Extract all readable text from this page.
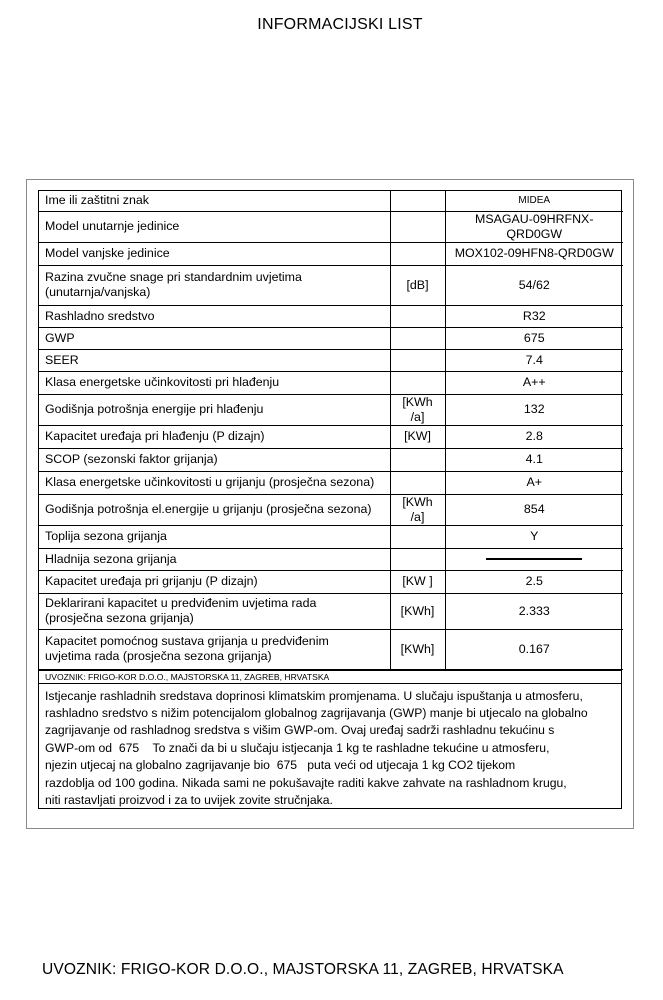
INFORMACIJSKI LIST
Ime ili zaštitni znak		MIDEA
Model unutarnje jedinice		MSAGAU-09HRFNX-QRD0GW
Model vanjske jedinice		MOX102-09HFN8-QRD0GW
Razina zvučne snage pri standardnim uvjetima
(unutarnja/vanjska)	[dB]	54/62
Rashladno sredstvo		R32
GWP		675
SEER		7.4
Klasa energetske učinkovitosti pri hlađenju		A++
Godišnja potrošnja energije pri hlađenju	[KWh /a]	132
Kapacitet uređaja pri hlađenju (P dizajn)	[KW]	2.8
SCOP (sezonski faktor grijanja)		4.1
Klasa energetske učinkovitosti u grijanju (prosječna sezona)		A+
Godišnja potrošnja el.energije u grijanju (prosječna sezona)	[KWh /a]	854
Toplija sezona grijanja		Y
Hladnija sezona grijanja		
Kapacitet uređaja pri grijanju (P dizajn)	[KW ]	2.5
Deklarirani kapacitet u predviđenim uvjetima rada
(prosječna sezona grijanja)	[KWh]	2.333
Kapacitet pomoćnog sustava grijanja u predviđenim
uvjetima rada (prosječna sezona grijanja)	[KWh]	0.167
UVOZNIK: FRIGO-KOR D.O.O., MAJSTORSKA 11, ZAGREB, HRVATSKA
Istjecanje rashladnih sredstava doprinosi klimatskim promjenama. U slučaju ispuštanja u atmosferu,
rashladno sredstvo s nižim potencijalom globalnog zagrijavanja (GWP) manje bi utjecalo na globalno
zagrijavanje od rashladnog sredstva s višim GWP-om. Ovaj uređaj sadrži rashladnu tekućinu s
GWP-om od  675    To znači da bi u slučaju istjecanja 1 kg te rashladne tekućine u atmosferu,
njezin utjecaj na globalno zagrijavanje bio  675   puta veći od utjecaja 1 kg CO2 tijekom
razdoblja od 100 godina. Nikada sami ne pokušavajte raditi kakve zahvate na rashladnom krugu,
niti rastavljati proizvod i za to uvijek zovite stručnjaka.
UVOZNIK: FRIGO-KOR D.O.O., MAJSTORSKA 11, ZAGREB, HRVATSKA
